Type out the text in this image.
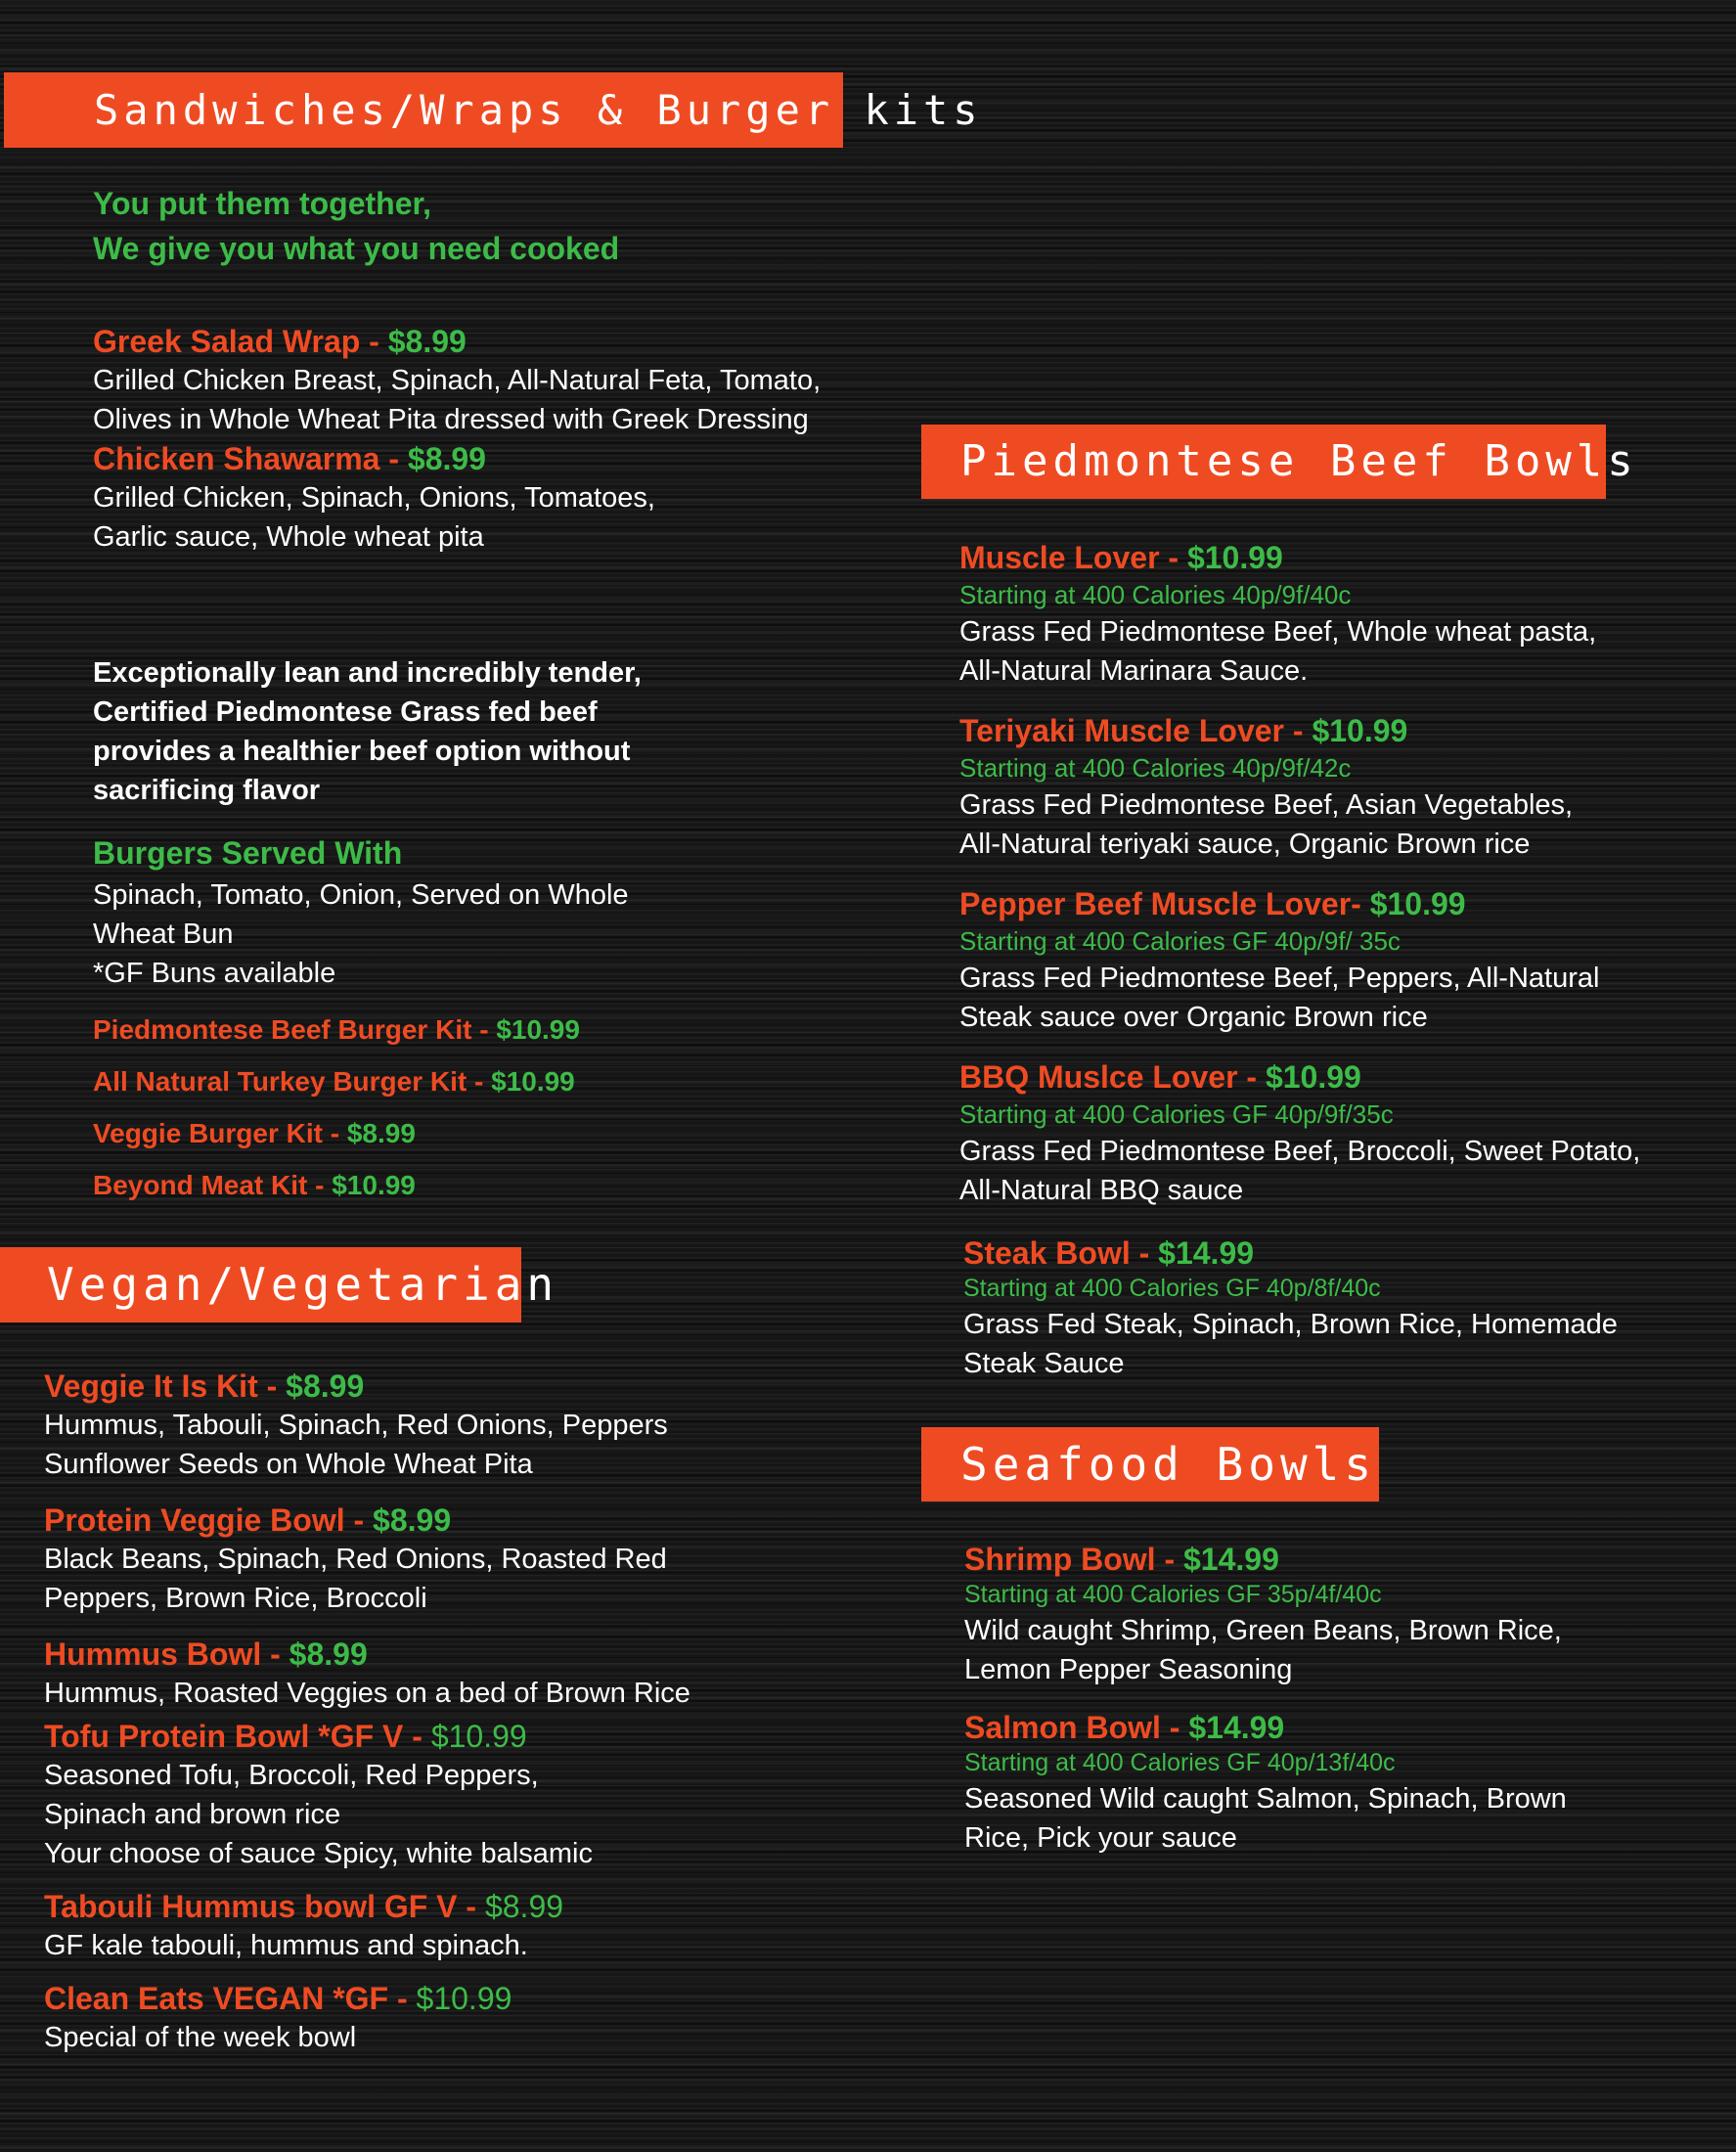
Sandwiches/Wraps & Burger kits
Piedmontese Beef Bowls
Vegan/Vegetarian
Seafood Bowls
You put them together,
We give you what you need cooked
Greek Salad Wrap - $8.99
Grilled Chicken Breast, Spinach, All-Natural Feta, Tomato, Olives in Whole Wheat Pita dressed with Greek Dressing
Chicken Shawarma - $8.99
Grilled Chicken, Spinach, Onions, Tomatoes, Garlic sauce, Whole wheat pita
Exceptionally lean and incredibly tender, Certified Piedmontese Grass fed beef provides a healthier beef option without sacrificing flavor
Burgers Served With
Spinach, Tomato, Onion, Served on Whole
Wheat Bun
*GF Buns available
Piedmontese Beef Burger Kit - $10.99
All Natural Turkey Burger Kit - $10.99
Veggie Burger Kit - $8.99
Beyond Meat Kit - $10.99
Veggie It Is Kit - $8.99
Hummus, Tabouli, Spinach, Red Onions, Peppers
Sunflower Seeds on Whole Wheat Pita
Protein Veggie Bowl - $8.99
Black Beans, Spinach, Red Onions, Roasted Red
Peppers, Brown Rice, Broccoli
Hummus Bowl - $8.99
Hummus, Roasted Veggies on a bed of Brown Rice
Tofu Protein Bowl *GF V - $10.99
Seasoned Tofu, Broccoli, Red Peppers,
Spinach and brown rice
Your choose of sauce Spicy, white balsamic
Tabouli Hummus bowl GF V - $8.99
GF kale tabouli, hummus and spinach.
Clean Eats VEGAN *GF - $10.99
Special of the week bowl
Muscle Lover - $10.99
Starting at 400 Calories 40p/9f/40c
Grass Fed Piedmontese Beef, Whole wheat pasta,
All-Natural Marinara Sauce.
Teriyaki Muscle Lover - $10.99
Starting at 400 Calories 40p/9f/42c
Grass Fed Piedmontese Beef, Asian Vegetables,
All-Natural teriyaki sauce, Organic Brown rice
Pepper Beef Muscle Lover- $10.99
Starting at 400 Calories GF 40p/9f/ 35c
Grass Fed Piedmontese Beef, Peppers, All-Natural
Steak sauce over Organic Brown rice
BBQ Muslce Lover - $10.99
Starting at 400 Calories GF 40p/9f/35c
Grass Fed Piedmontese Beef, Broccoli, Sweet Potato,
All-Natural BBQ sauce
Steak Bowl - $14.99
Starting at 400 Calories GF 40p/8f/40c
Grass Fed Steak, Spinach, Brown Rice, Homemade
Steak Sauce
Shrimp Bowl - $14.99
Starting at 400 Calories GF 35p/4f/40c
Wild caught Shrimp, Green Beans, Brown Rice,
Lemon Pepper Seasoning
Salmon Bowl - $14.99
Starting at 400 Calories GF 40p/13f/40c
Seasoned Wild caught Salmon, Spinach, Brown
Rice, Pick your sauce
